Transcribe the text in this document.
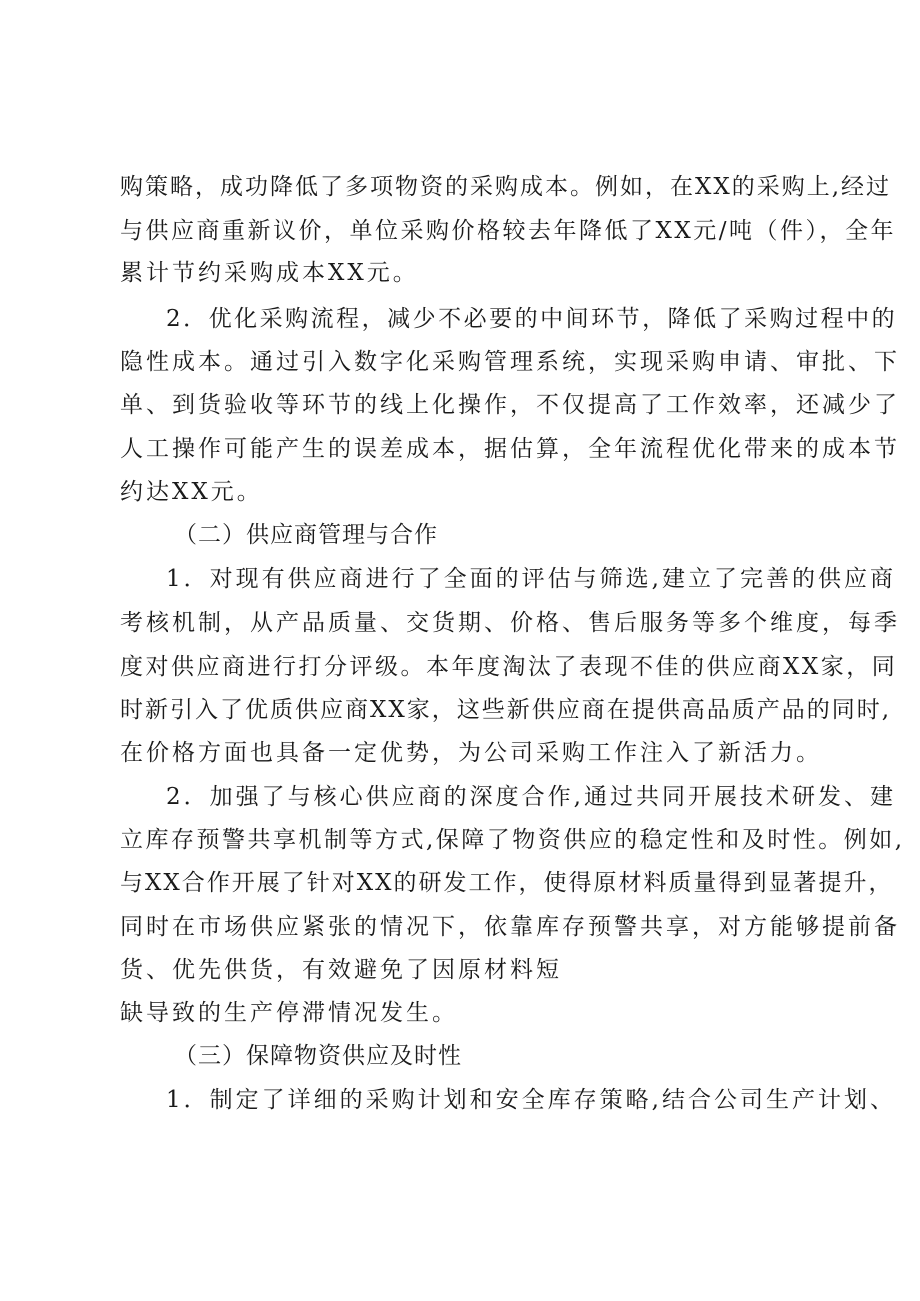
购策略，成功降低了多项物资的采购成本。例如，在XX的采购上,经过
与供应商重新议价，单位采购价格较去年降低了XX元/吨（件），全年
累计节约采购成本XX元。
2．优化采购流程，减少不必要的中间环节，降低了采购过程中的
隐性成本。通过引入数字化采购管理系统，实现采购申请、审批、下
单、到货验收等环节的线上化操作，不仅提高了工作效率，还减少了
人工操作可能产生的误差成本，据估算，全年流程优化带来的成本节
约达XX元。
（二）供应商管理与合作
1．对现有供应商进行了全面的评估与筛选,建立了完善的供应商
考核机制，从产品质量、交货期、价格、售后服务等多个维度，每季
度对供应商进行打分评级。本年度淘汰了表现不佳的供应商XX家，同
时新引入了优质供应商XX家，这些新供应商在提供高品质产品的同时,
在价格方面也具备一定优势，为公司采购工作注入了新活力。
2．加强了与核心供应商的深度合作,通过共同开展技术研发、建
立库存预警共享机制等方式,保障了物资供应的稳定性和及时性。例如,
与XX合作开展了针对XX的研发工作，使得原材料质量得到显著提升，
同时在市场供应紧张的情况下，依靠库存预警共享，对方能够提前备
货、优先供货，有效避免了因原材料短
缺导致的生产停滞情况发生。
（三）保障物资供应及时性
1．制定了详细的采购计划和安全库存策略,结合公司生产计划、
